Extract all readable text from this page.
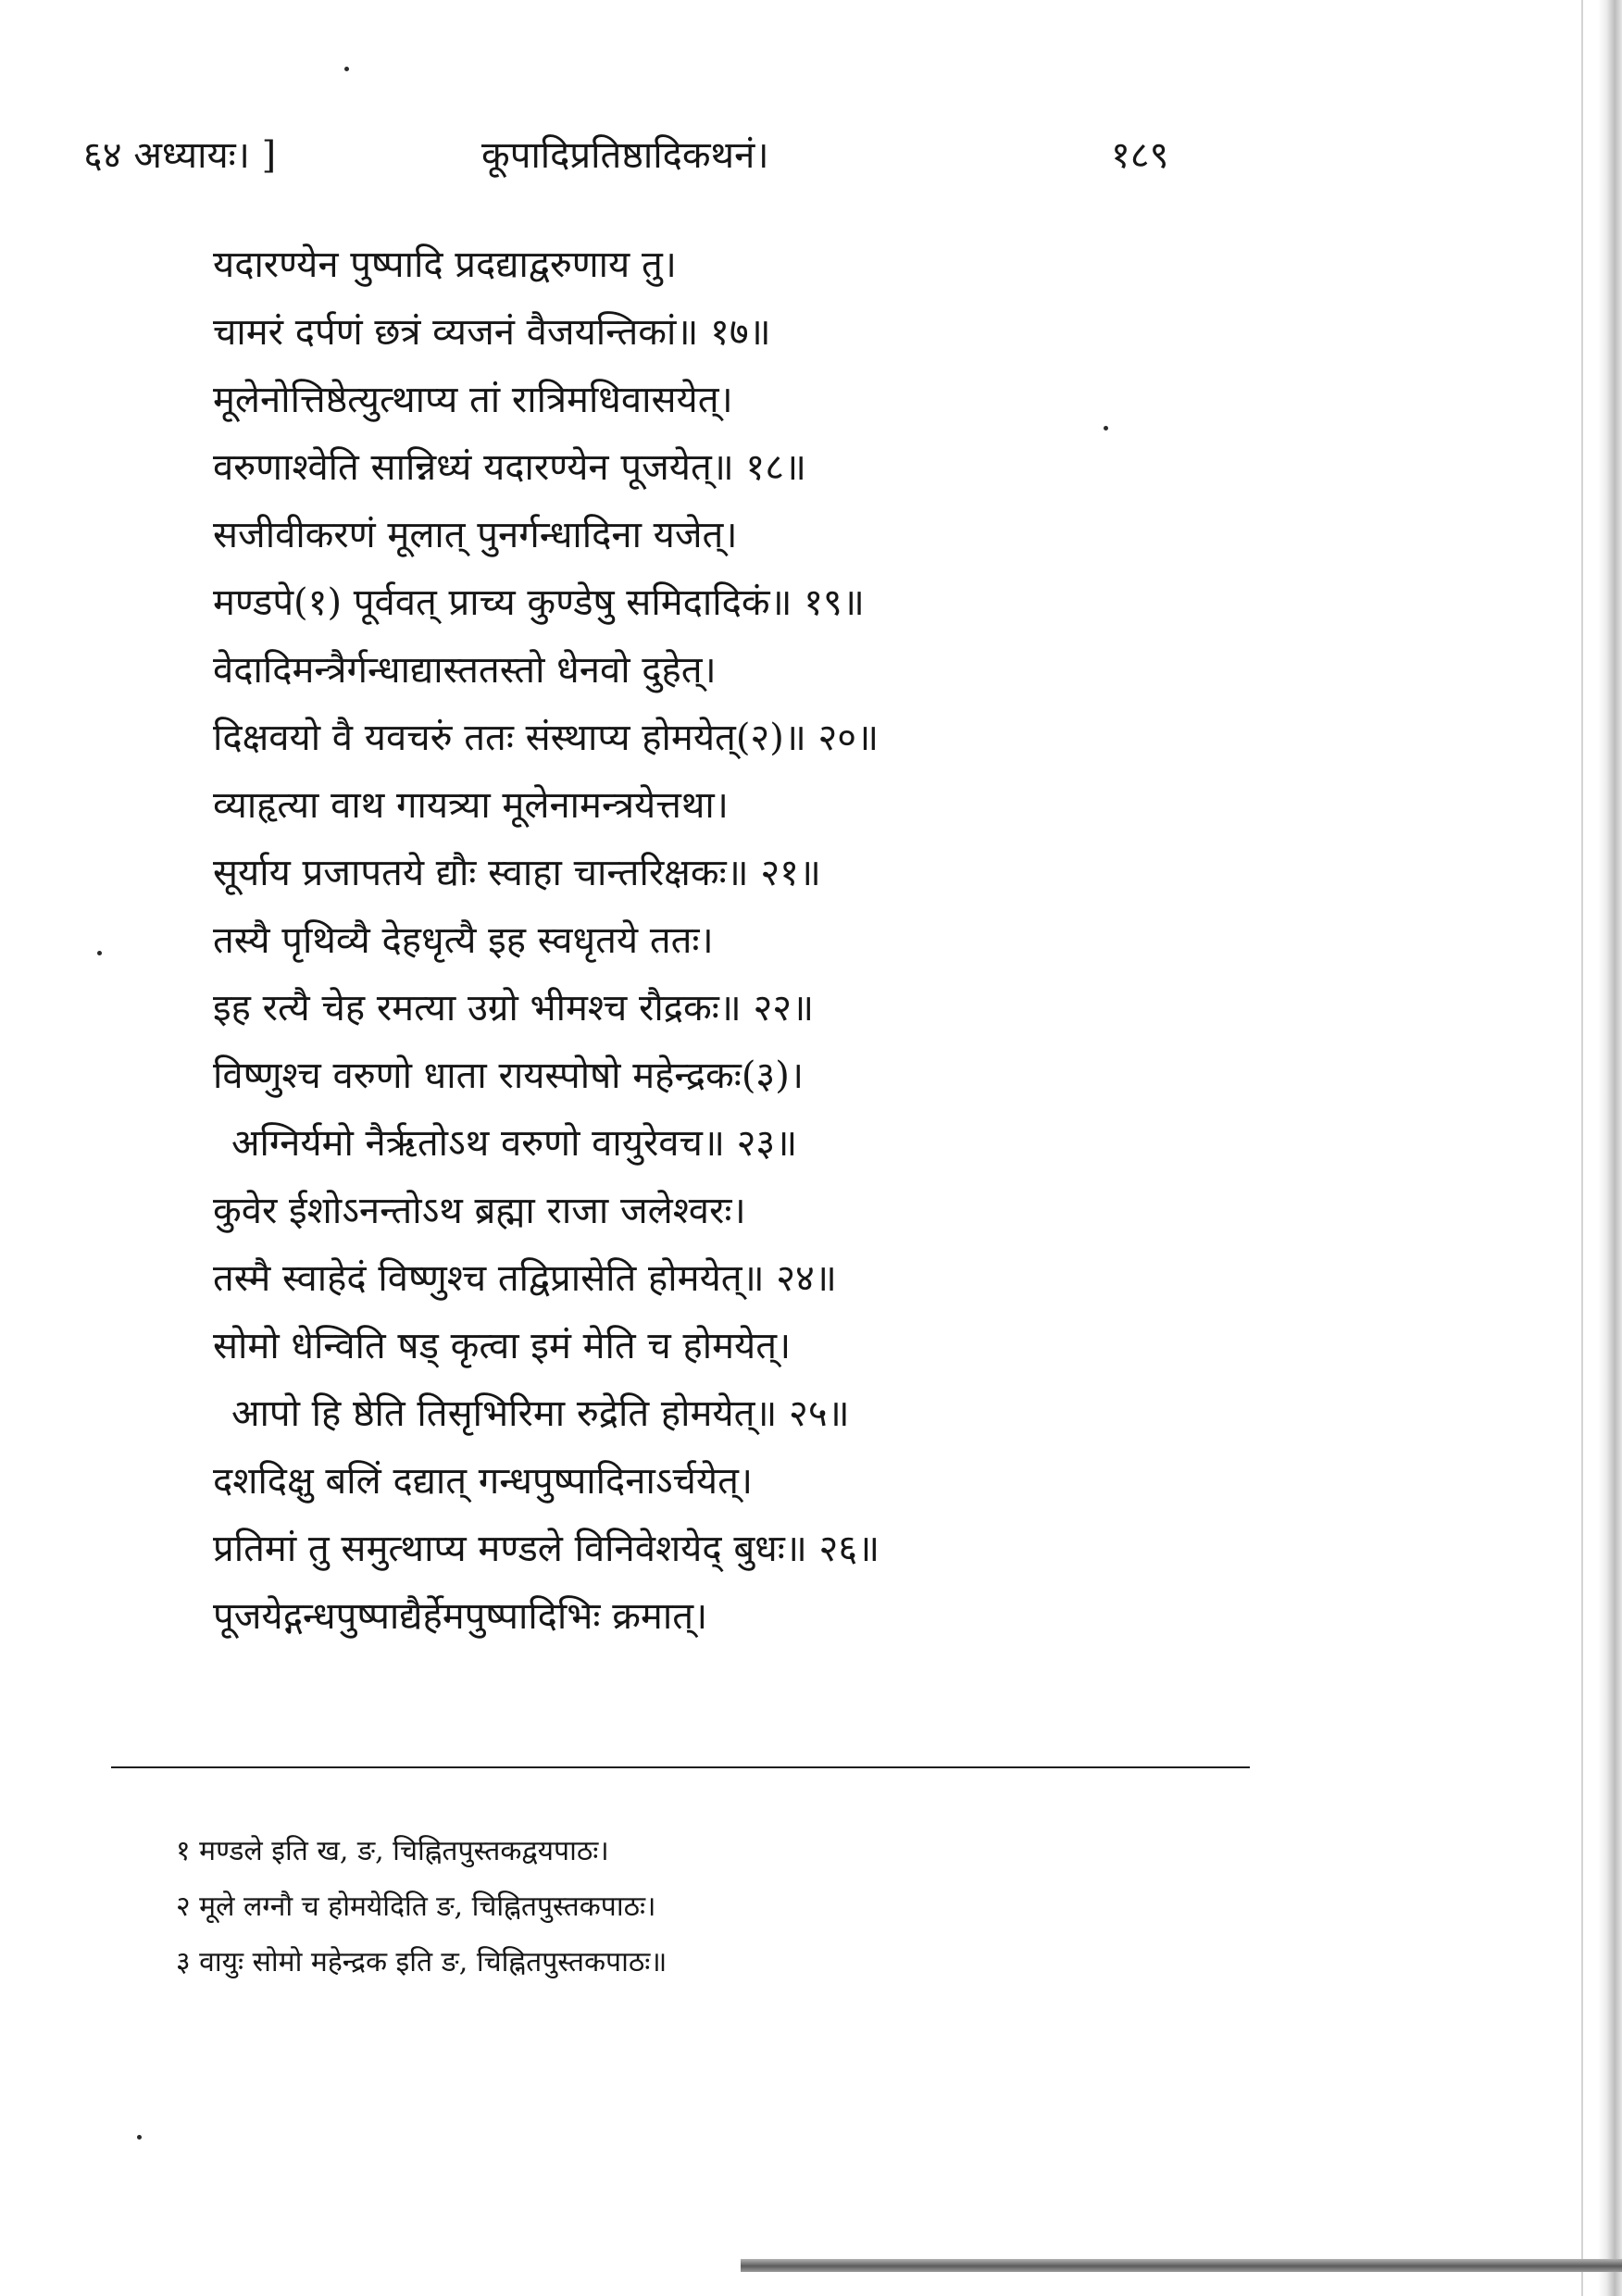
६४ अध्यायः। ]	कूपादिप्रतिष्ठादिकथनं।	१८९
यदारण्येन पुष्पादि प्रदद्याद्वरुणाय तु।
चामरं दर्पणं छत्रं व्यजनं वैजयन्तिकां॥ १७॥
मूलेनोत्तिष्ठेत्युत्थाप्य तां रात्रिमधिवासयेत्।
वरुणाश्वेति सान्निध्यं यदारण्येन पूजयेत्॥ १८॥
सजीवीकरणं मूलात् पुनर्गन्धादिना यजेत्।
मण्डपे(१) पूर्ववत् प्राच्य कुण्डेषु समिदादिकं॥ १९॥
वेदादिमन्त्रैर्गन्धाद्यास्ततस्तो धेनवो दुहेत्।
दिक्षवयो वै यवचरुं ततः संस्थाप्य होमयेत्(२)॥ २०॥
व्याहृत्या वाथ गायत्र्या मूलेनामन्त्रयेत्तथा।
सूर्याय प्रजापतये द्यौः स्वाहा चान्तरिक्षकः॥ २१॥
तस्यै पृथिव्यै देहधृत्यै इह स्वधृतये ततः।
इह रत्यै चेह रमत्या उग्रो भीमश्च रौद्रकः॥ २२॥
विष्णुश्च वरुणो धाता रायस्पोषो महेन्द्रकः(३)।
अग्निर्यमो नैर्ऋतोऽथ वरुणो वायुरेवच॥ २३॥
कुवेर ईशोऽनन्तोऽथ ब्रह्मा राजा जलेश्वरः।
तस्मै स्वाहेदं विष्णुश्च तद्विप्रासेति होमयेत्॥ २४॥
सोमो धेन्विति षड् कृत्वा इमं मेति च होमयेत्।
आपो हि ष्ठेति तिसृभिरिमा रुद्रेति होमयेत्॥ २५॥
दशदिक्षु बलिं दद्यात् गन्धपुष्पादिनाऽर्चयेत्।
प्रतिमां तु समुत्थाप्य मण्डले विनिवेशयेद् बुधः॥ २६॥
पूजयेद्गन्धपुष्पाद्यैर्हेमपुष्पादिभिः क्रमात्।
१ मण्डले इति ख, ङ, चिह्नितपुस्तकद्वयपाठः।
२ मूले लग्नौ च होमयेदिति ङ, चिह्नितपुस्तकपाठः।
३ वायुः सोमो महेन्द्रक इति ङ, चिह्नितपुस्तकपाठः॥
